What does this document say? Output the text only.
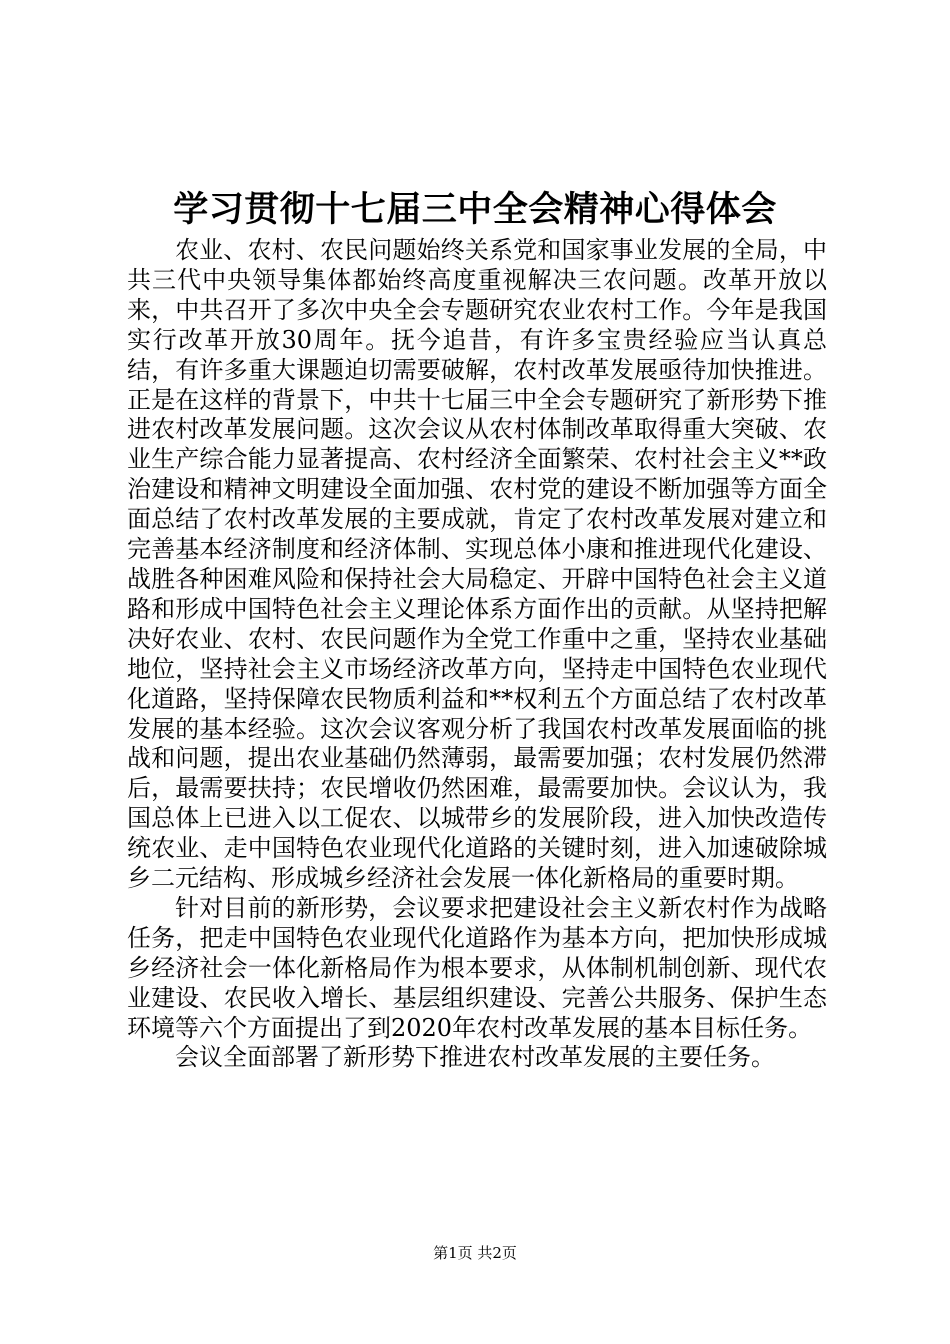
学习贯彻十七届三中全会精神心得体会

农业、农村、农民问题始终关系党和国家事业发展的全局，中共三代中央领导集体都始终高度重视解决三农问题。改革开放以来，中共召开了多次中央全会专题研究农业农村工作。今年是我国实行改革开放30周年。抚今追昔，有许多宝贵经验应当认真总结，有许多重大课题迫切需要破解，农村改革发展亟待加快推进。正是在这样的背景下，中共十七届三中全会专题研究了新形势下推进农村改革发展问题。这次会议从农村体制改革取得重大突破、农业生产综合能力显著提高、农村经济全面繁荣、农村社会主义**政治建设和精神文明建设全面加强、农村党的建设不断加强等方面全面总结了农村改革发展的主要成就，肯定了农村改革发展对建立和完善基本经济制度和经济体制、实现总体小康和推进现代化建设、战胜各种困难风险和保持社会大局稳定、开辟中国特色社会主义道路和形成中国特色社会主义理论体系方面作出的贡献。从坚持把解决好农业、农村、农民问题作为全党工作重中之重，坚持农业基础地位，坚持社会主义市场经济改革方向，坚持走中国特色农业现代化道路，坚持保障农民物质利益和**权利五个方面总结了农村改革发展的基本经验。这次会议客观分析了我国农村改革发展面临的挑战和问题，提出农业基础仍然薄弱，最需要加强；农村发展仍然滞后，最需要扶持；农民增收仍然困难，最需要加快。会议认为，我国总体上已进入以工促农、以城带乡的发展阶段，进入加快改造传统农业、走中国特色农业现代化道路的关键时刻，进入加速破除城乡二元结构、形成城乡经济社会发展一体化新格局的重要时期。

针对目前的新形势，会议要求把建设社会主义新农村作为战略任务，把走中国特色农业现代化道路作为基本方向，把加快形成城乡经济社会一体化新格局作为根本要求，从体制机制创新、现代农业建设、农民收入增长、基层组织建设、完善公共服务、保护生态环境等六个方面提出了到2020年农村改革发展的基本目标任务。

会议全面部署了新形势下推进农村改革发展的主要任务。

第1页 共2页
